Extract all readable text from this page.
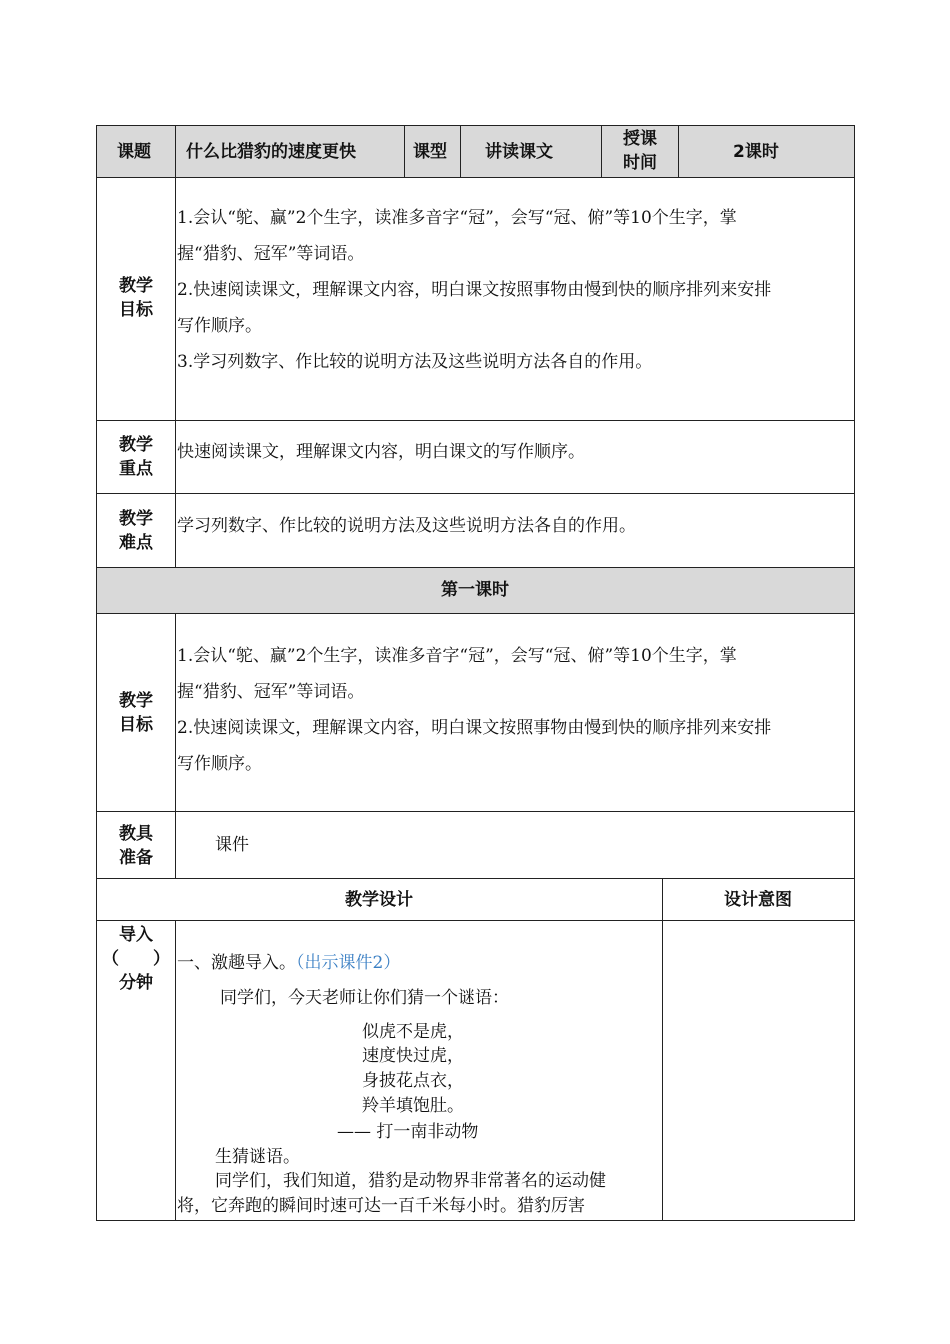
课题 什么比猎豹的速度更快	课型 讲读课文
授课
时间
2课时
教学
目标
1.会认“鸵、赢”2个生字，读准多音字“冠”，会写“冠、俯”等10个生字，掌
握“猎豹、冠军”等词语。
2.快速阅读课文，理解课文内容，明白课文按照事物由慢到快的顺序排列来安排
写作顺序。
3.学习列数字、作比较的说明方法及这些说明方法各自的作用。
教学
重点
快速阅读课文，理解课文内容，明白课文的写作顺序。
教学
难点
学习列数字、作比较的说明方法及这些说明方法各自的作用。
第一课时
教学
目标
1.会认“鸵、赢”2个生字，读准多音字“冠”，会写“冠、俯”等10个生字，掌
握“猎豹、冠军”等词语。
2.快速阅读课文，理解课文内容，明白课文按照事物由慢到快的顺序排列来安排
写作顺序。
教具
准备
课件
教学设计	设计意图
导入
（　　）
分钟
一、激趣导入。（出示课件2）
同学们，今天老师让你们猜一个谜语：
似虎不是虎，
速度快过虎，
身披花点衣，
羚羊填饱肚。
—— 打一南非动物
生猜谜语。
同学们，我们知道，猎豹是动物界非常著名的运动健
将，它奔跑的瞬间时速可达一百千米每小时。猎豹厉害
